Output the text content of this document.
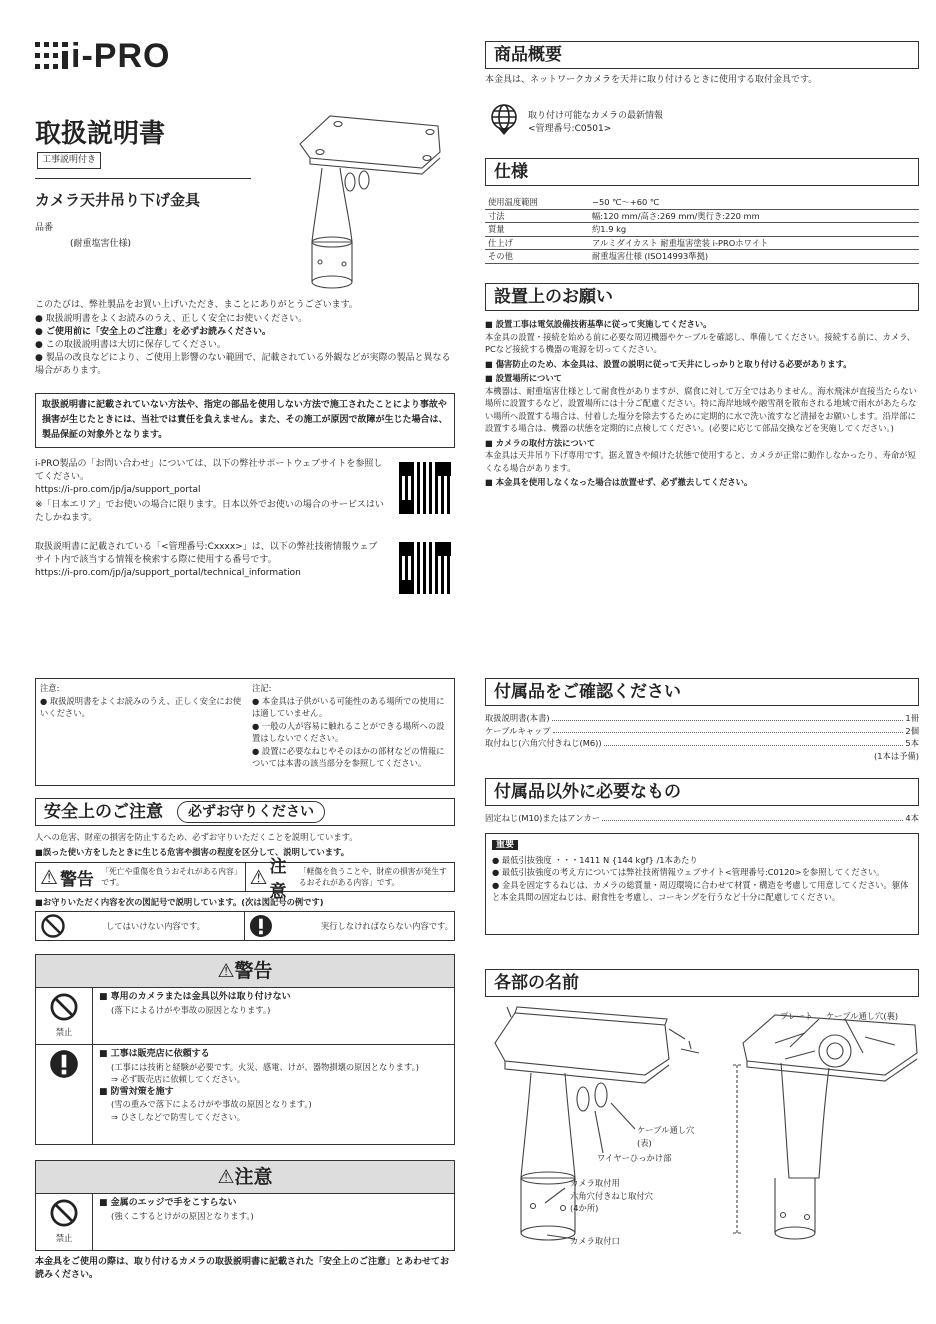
i-PRO
取扱説明書
工事説明付き
カメラ天井吊り下げ金具
品番
(耐重塩害仕様)
このたびは、弊社製品をお買い上げいただき、まことにありがとうございます。
● 取扱説明書をよくお読みのうえ、正しく安全にお使いください。
● ご使用前に「安全上のご注意」を必ずお読みください。
● この取扱説明書は大切に保存してください。
● 製品の改良などにより、ご使用上影響のない範囲で、記載されている外観などが実際の製品と異なる場合があります。
取扱説明書に記載されていない方法や、指定の部品を使用しない方法で施工されたことにより事故や損害が生じたときには、当社では責任を負えません。また、その施工が原因で故障が生じた場合は、製品保証の対象外となります。
i-PRO製品の「お問い合わせ」については、以下の弊社サポートウェブサイトを参照してください。
https://i-pro.com/jp/ja/support_portal
※「日本エリア」でお使いの場合に限ります。日本以外でお使いの場合のサービスはいたしかねます。
取扱説明書に記載されている「<管理番号:Cxxxx>」は、以下の弊社技術情報ウェブサイト内で該当する情報を検索する際に使用する番号です。
https://i-pro.com/jp/ja/support_portal/technical_information
商品概要
本金具は、ネットワークカメラを天井に取り付けるときに使用する取付金具です。
取り付け可能なカメラの最新情報
<管理番号:C0501>
仕様
使用温度範囲	−50 ℃～+60 ℃
寸法	幅:120 mm/高さ:269 mm/奥行き:220 mm
質量	約1.9 kg
仕上げ	アルミダイカスト 耐重塩害塗装 i-PROホワイト
その他	耐重塩害仕様 (ISO14993準拠)
設置上のお願い
■ 設置工事は電気設備技術基準に従って実施してください。
本金具の設置・接続を始める前に必要な周辺機器やケーブルを確認し、準備してください。接続する前に、カメラ、PCなど接続する機器の電源を切ってください。
■ 傷害防止のため、本金具は、設置の説明に従って天井にしっかりと取り付ける必要があります。
■ 設置場所について
本機器は、耐重塩害仕様として耐食性がありますが、腐食に対して万全ではありません。海水飛沫が直接当たらない場所に設置するなど、設置場所には十分ご配慮ください。特に海岸地域や融雪剤を散布される地域で雨水があたらない場所へ設置する場合は、付着した塩分を除去するために定期的に水で洗い流すなど清掃をお願いします。沿岸部に設置する場合は、機器の状態を定期的に点検してください。(必要に応じて部品交換などを実施してください。)
■ カメラの取付方法について
本金具は天井吊り下げ専用です。据え置きや傾けた状態で使用すると、カメラが正常に動作しなかったり、寿命が短くなる場合があります。
■ 本金具を使用しなくなった場合は放置せず、必ず撤去してください。
注意:
● 取扱説明書をよくお読みのうえ、正しく安全にお使いください。
注記:
● 本金具は子供がいる可能性のある場所での使用には適していません。
● 一般の人が容易に触れることができる場所への設置はしないでください。
● 設置に必要なねじやそのほかの部材などの情報については本書の該当部分を参照してください。
安全上のご注意	必ずお守りください
人への危害、財産の損害を防止するため、必ずお守りいただくことを説明しています。
■誤った使い方をしたときに生じる危害や損害の程度を区分して、説明しています。
⚠ 警告 「死亡や重傷を負うおそれがある内容」です。	⚠ 注意
「軽傷を負うことや、財産の損害が発生するおそれがある内容」です。
■お守りいただく内容を次の図記号で説明しています。(次は図記号の例です)
してはいけない内容です。	実行しなければならない内容です。
⚠警告
禁止
■ 専用のカメラまたは金具以外は取り付けない
(落下によるけがや事故の原因となります。)
■ 工事は販売店に依頼する
(工事には技術と経験が必要です。火災、感電、けが、器物損壊の原因となります。)
⇒ 必ず販売店に依頼してください。
■ 防雪対策を施す
(雪の重みで落下によるけがや事故の原因となります。)
⇒ ひさしなどで防雪してください。
⚠注意
禁止
■ 金属のエッジで手をこすらない
(強くこするとけがの原因となります。)
本金具をご使用の際は、取り付けるカメラの取扱説明書に記載された「安全上のご注意」とあわせてお読みください。
付属品をご確認ください
取扱説明書(本書)	1冊
ケーブルキャップ	2個
取付ねじ(六角穴付きねじ(M6))	5本
(1本は予備)
付属品以外に必要なもの
固定ねじ(M10)またはアンカー	4本
重要
● 最低引抜強度 ・・・1411 N {144 kgf} /1本あたり
● 最低引抜強度の考え方については弊社技術情報ウェブサイト<管理番号:C0120>を参照してください。
● 金具を固定するねじは、カメラの総質量・周辺環境に合わせて材質・構造を考慮して用意してください。躯体と本金具間の固定ねじは、耐食性を考慮し、コーキングを行うなど十分に配慮してください。
各部の名前
プレート ケーブル通し穴(裏)
ケーブル通し穴
(表)
ワイヤーひっかけ部
カメラ取付用
六角穴付きねじ取付穴
(4か所)
カメラ取付口
